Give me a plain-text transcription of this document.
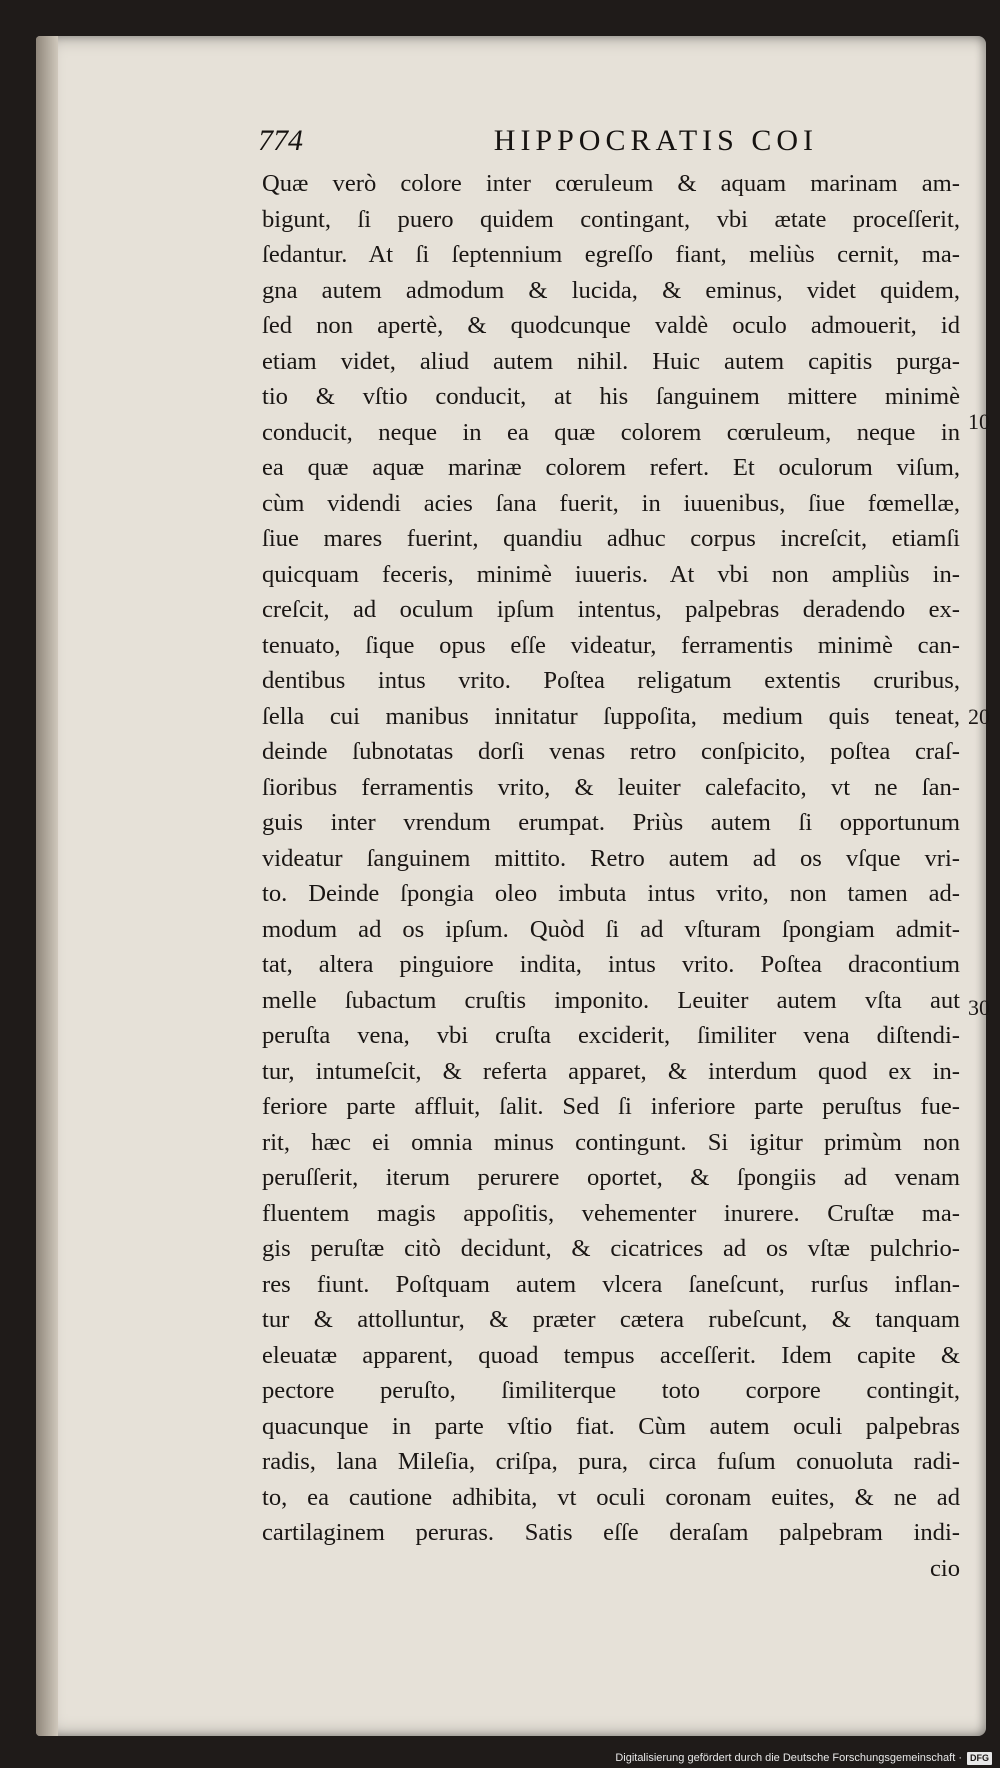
774	HIPPOCRATIS COI
Quæ verò colore inter cœruleum & aquam marinam am-
bigunt, ſi puero quidem contingant, vbi ætate proceſſerit,
ſedantur. At ſi ſeptennium egreſſo fiant, meliùs cernit, ma-
gna autem admodum & lucida, & eminus, videt quidem,
ſed non apertè, & quodcunque valdè oculo admouerit, id
etiam videt, aliud autem nihil. Huic autem capitis purga-
tio & vſtio conducit, at his ſanguinem mittere minimè
conducit, neque in ea quæ colorem cœruleum, neque in
ea quæ aquæ marinæ colorem refert. Et oculorum viſum,
cùm videndi acies ſana fuerit, in iuuenibus, ſiue fœmellæ,
ſiue mares fuerint, quandiu adhuc corpus increſcit, etiamſi
quicquam feceris, minimè iuueris. At vbi non ampliùs in-
creſcit, ad oculum ipſum intentus, palpebras deradendo ex-
tenuato, ſique opus eſſe videatur, ferramentis minimè can-
dentibus intus vrito. Poſtea religatum extentis cruribus,
ſella cui manibus innitatur ſuppoſita, medium quis teneat,
deinde ſubnotatas dorſi venas retro conſpicito, poſtea craſ-
ſioribus ferramentis vrito, & leuiter calefacito, vt ne ſan-
guis inter vrendum erumpat. Priùs autem ſi opportunum
videatur ſanguinem mittito. Retro autem ad os vſque vri-
to. Deinde ſpongia oleo imbuta intus vrito, non tamen ad-
modum ad os ipſum. Quòd ſi ad vſturam ſpongiam admit-
tat, altera pinguiore indita, intus vrito. Poſtea dracontium
melle ſubactum cruſtis imponito. Leuiter autem vſta aut
peruſta vena, vbi cruſta exciderit, ſimiliter vena diſtendi-
tur, intumeſcit, & referta apparet, & interdum quod ex in-
feriore parte affluit, ſalit. Sed ſi inferiore parte peruſtus fue-
rit, hæc ei omnia minus contingunt. Si igitur primùm non
peruſſerit, iterum perurere oportet, & ſpongiis ad venam
fluentem magis appoſitis, vehementer inurere. Cruſtæ ma-
gis peruſtæ citò decidunt, & cicatrices ad os vſtæ pulchrio-
res fiunt. Poſtquam autem vlcera ſaneſcunt, rurſus inflan-
tur & attolluntur, & præter cætera rubeſcunt, & tanquam
eleuatæ apparent, quoad tempus acceſſerit. Idem capite &
pectore peruſto, ſimiliterque toto corpore contingit,
quacunque in parte vſtio fiat. Cùm autem oculi palpebras
radis, lana Mileſia, criſpa, pura, circa fuſum conuoluta radi-
to, ea cautione adhibita, vt oculi coronam euites, & ne ad
cartilaginem peruras. Satis eſſe deraſam palpebram indi-
cio
10
20
30
Digitalisierung gefördert durch die Deutsche Forschungsgemeinschaft · DFG
